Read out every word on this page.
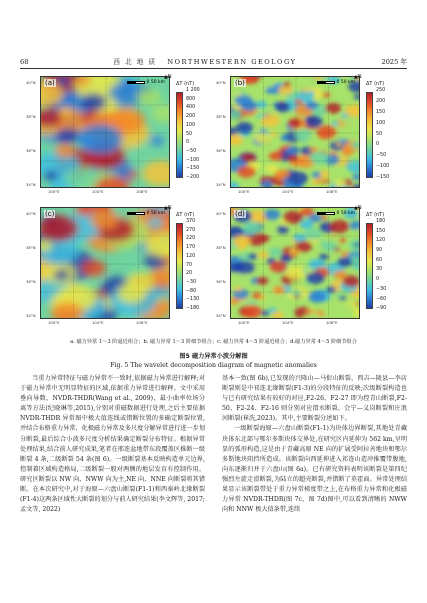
68	西 北 地 质 NORTHWESTERN GEOLOGY	2025 年
(a)	0 50 km
▲N
ΔT (nT)
1 200
800
400
200
100
50
0
−50
−100
−150
−200
40°N
38°N
36°N
34°N
100°E	104°E	108°E
(b)	0 50 km
▲N
ΔT (nT)
250
200
150
100
50
0
−50
−100
−150
40°N
38°N
36°N
34°N
100°E	104°E	108°E
(c)	0 50 km
▲N
ΔT (nT)
370
270
220
170
120
70
20
−30
−80
−130
−180
40°N
38°N
36°N
34°N
100°E	104°E	108°E
(d)	0 50 km
▲N
ΔT (nT)
180
150
120
90
60
30
0
−30
−60
−90
40°N
38°N
36°N
34°N
100°E	104°E	108°E
a. 磁力异常 1～3 阶逼近组合；b. 磁力异常 1～3 阶细节组合；c. 磁力异常 4～5 阶逼近组合；d.磁力异常 4～5 阶细节组合
图5 磁力异常小波分解图
Fig. 5 The wavelet decomposition diagram of magnetic anomalies

当重力异常特征与磁力异常不一致时,依据磁力异常进行解释;对于磁力异常中无明显特征的区域,依据重力异常进行解释。文中采用垂向导数、NVDR-THDR(Wang et al., 2009)、最小曲率位场分离等方法(纪晓琳等,2015),分别对重磁数据进行处理,之后主要依据 NVDR-THDR 异常图中极大值连线或错断位置的多确定断裂位置,并结合布格重力异常、化极磁力异常及多尺度分解异常进行进一步划分断裂,最后综合小波多尺度分析结果确定断裂分布特征。根据异常处理结果,结合前人研究成果,笔者在邢连盆地带东段覆盖区推断一级断裂 4 条,二级断裂 54 条(图 6)。一级断裂基本反映构造单元边界,控制着区域构造格局,二级断裂一般对两侧的地层发育有控制作用。研究区断裂以 NW 向、NWW 向为主,NE 向、NNE 向断裂将其错断。在本次研究中,对于海原—六盘山断裂(F1-1)和西秦岭北缘断裂(F1-4)这两条区域性大断裂的划分与前人研究结果(李文辉等, 2017; 孟文等, 2022)

基本一致(图 6b),已发现的兴隆山—马衔山断裂、西吉—陇县—李店断裂则是中祁连北缘断裂(F1-3)的分段特征的反映;次级断裂构造也与已有研究结果有较好的对应,F2-26、F2-27 即为控青山断裂,F2-50、F2-24、F2-16 则分别对应渭水断裂、会宁—义岗断裂和庄浪河断裂(崔洗,2023)。其中,主要断裂分述如下。

一级断裂海原—六盘山断裂(F1-1)为块体边界断裂,其地处青藏块体东北部与鄂尔多斯块体交界处,在研究区内延伸为 562 km,呈明显的弧形构造,这是由于青藏高原 NE 向的扩展受阿拉善地块和鄂尔多斯地块阻挡所造成。该断裂向西延伸进入祁连山造冲推覆带腹地,向东逐渐归并于六盘山(图 6a)。已有研究资料表明该断裂是第四纪强烈左旋走滑断裂,为陆立的超壳断裂,并错断了莫霍面。异常处理结果显示该断裂带处于重力异常梯度带之上,在布格重力异常和化极磁力异常 NVDR-THDR(图 7c、图 7d)图中,可以看到清晰的 NWW 向和 NNW 极大值条带,连续
